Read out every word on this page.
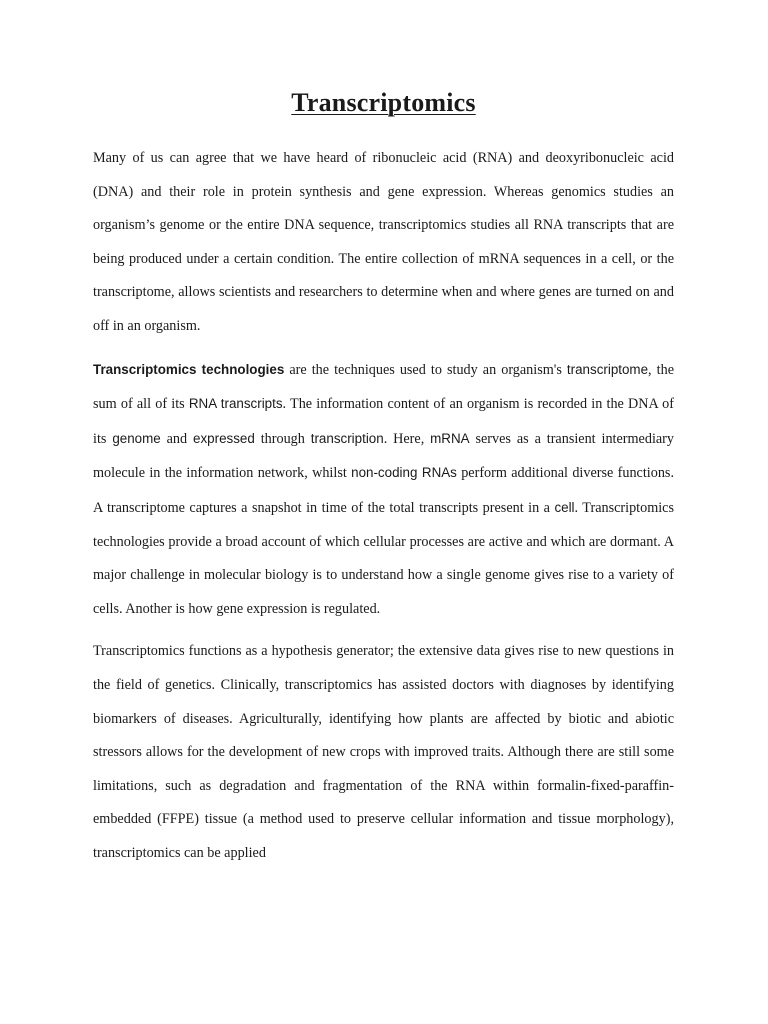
Transcriptomics

Many of us can agree that we have heard of ribonucleic acid (RNA) and deoxyribonucleic acid (DNA) and their role in protein synthesis and gene expression. Whereas genomics studies an organism’s genome or the entire DNA sequence, transcriptomics studies all RNA transcripts that are being produced under a certain condition. The entire collection of mRNA sequences in a cell, or the transcriptome, allows scientists and researchers to determine when and where genes are turned on and off in an organism.

Transcriptomics technologies are the techniques used to study an organism's transcriptome, the sum of all of its RNA transcripts. The information content of an organism is recorded in the DNA of its genome and expressed through transcription. Here, mRNA serves as a transient intermediary molecule in the information network, whilst non-coding RNAs perform additional diverse functions. A transcriptome captures a snapshot in time of the total transcripts present in a cell. Transcriptomics technologies provide a broad account of which cellular processes are active and which are dormant. A major challenge in molecular biology is to understand how a single genome gives rise to a variety of cells. Another is how gene expression is regulated.

Transcriptomics functions as a hypothesis generator; the extensive data gives rise to new questions in the field of genetics. Clinically, transcriptomics has assisted doctors with diagnoses by identifying biomarkers of diseases. Agriculturally, identifying how plants are affected by biotic and abiotic stressors allows for the development of new crops with improved traits. Although there are still some limitations, such as degradation and fragmentation of the RNA within formalin-fixed-paraffin-embedded (FFPE) tissue (a method used to preserve cellular information and tissue morphology), transcriptomics can be applied
